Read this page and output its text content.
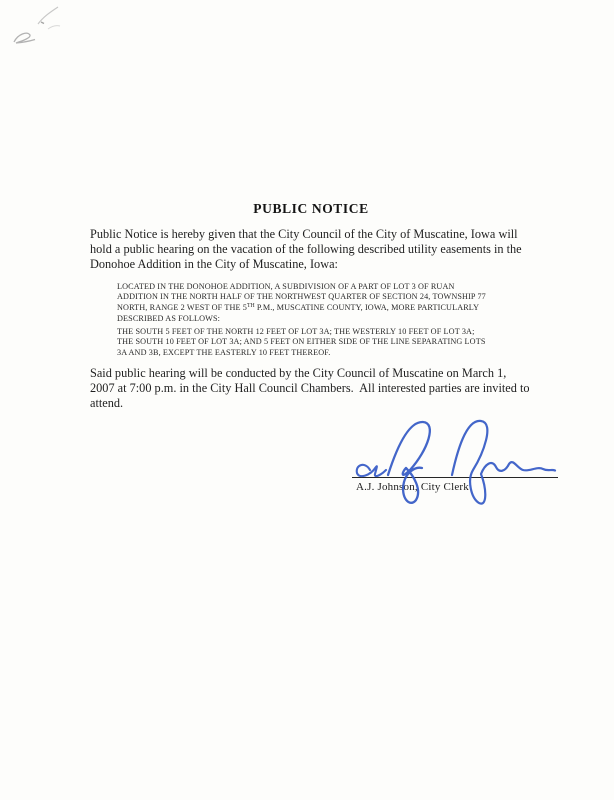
PUBLIC NOTICE
Public Notice is hereby given that the City Council of the City of Muscatine, Iowa will
hold a public hearing on the vacation of the following described utility easements in the
Donohoe Addition in the City of Muscatine, Iowa:
LOCATED IN THE DONOHOE ADDITION, A SUBDIVISION OF A PART OF LOT 3 OF RUAN
ADDITION IN THE NORTH HALF OF THE NORTHWEST QUARTER OF SECTION 24, TOWNSHIP 77
NORTH, RANGE 2 WEST OF THE 5TH P.M., MUSCATINE COUNTY, IOWA, MORE PARTICULARLY
DESCRIBED AS FOLLOWS:
THE SOUTH 5 FEET OF THE NORTH 12 FEET OF LOT 3A; THE WESTERLY 10 FEET OF LOT 3A;
THE SOUTH 10 FEET OF LOT 3A; AND 5 FEET ON EITHER SIDE OF THE LINE SEPARATING LOTS
3A AND 3B, EXCEPT THE EASTERLY 10 FEET THEREOF.
Said public hearing will be conducted by the City Council of Muscatine on March 1,
2007 at 7:00 p.m. in the City Hall Council Chambers.  All interested parties are invited to
attend.
A.J. Johnson, City Clerk
